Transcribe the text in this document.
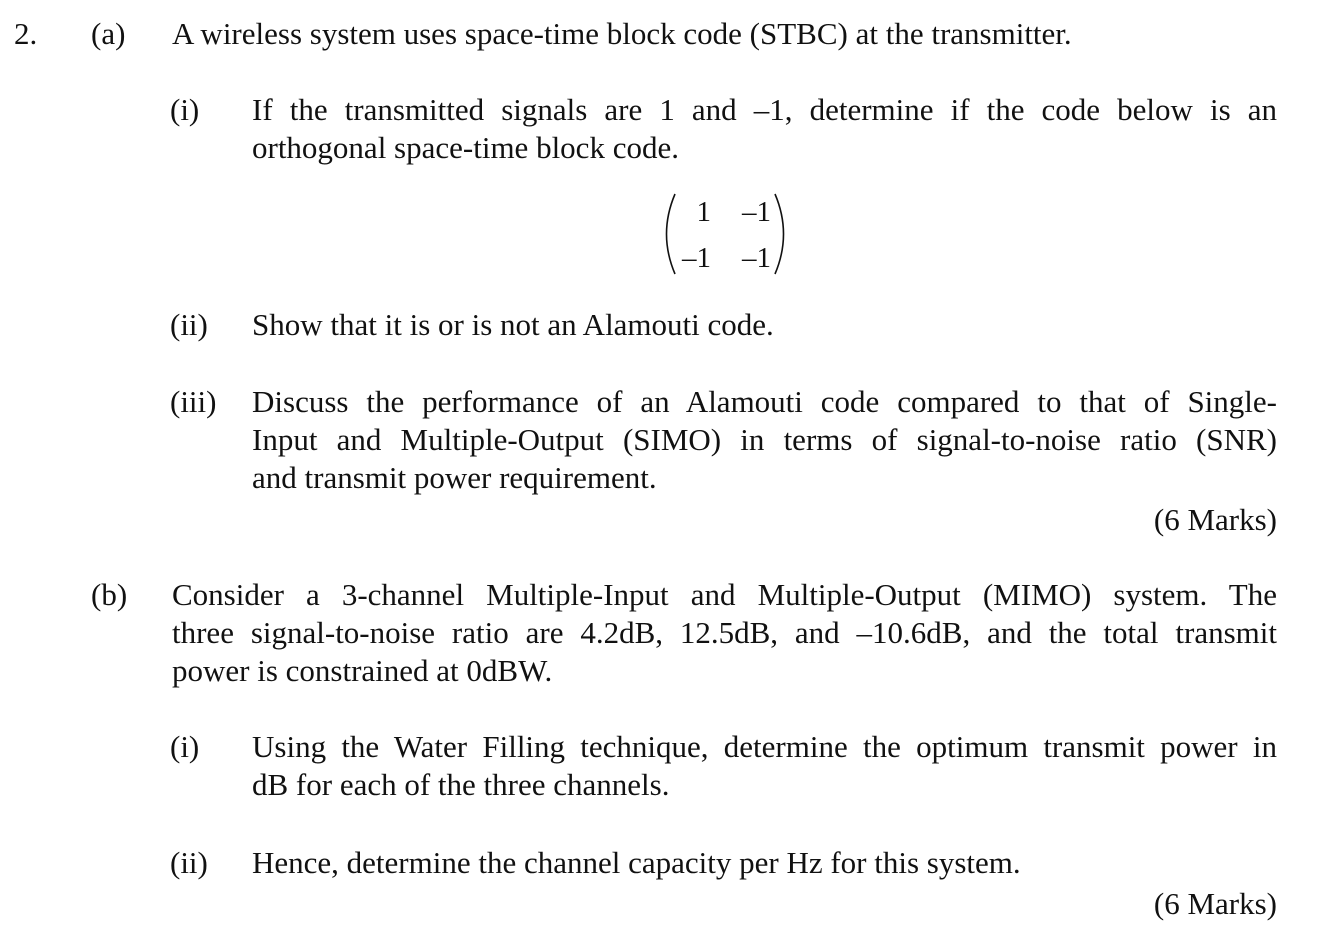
2. (a) A wireless system uses space-time block code (STBC) at the transmitter.
(i) If the transmitted signals are 1 and –1, determine if the code below is an
orthogonal space-time block code.
1	–1
–1	–1
(ii) Show that it is or is not an Alamouti code.
(iii) Discuss the performance of an Alamouti code compared to that of Single-
Input and Multiple-Output (SIMO) in terms of signal-to-noise ratio (SNR)
and transmit power requirement.
(6 Marks)
(b) Consider a 3-channel Multiple-Input and Multiple-Output (MIMO) system. The
three signal-to-noise ratio are 4.2dB, 12.5dB, and –10.6dB, and the total transmit
power is constrained at 0dBW.
(i) Using the Water Filling technique, determine the optimum transmit power in
dB for each of the three channels.
(ii) Hence, determine the channel capacity per Hz for this system.
(6 Marks)
